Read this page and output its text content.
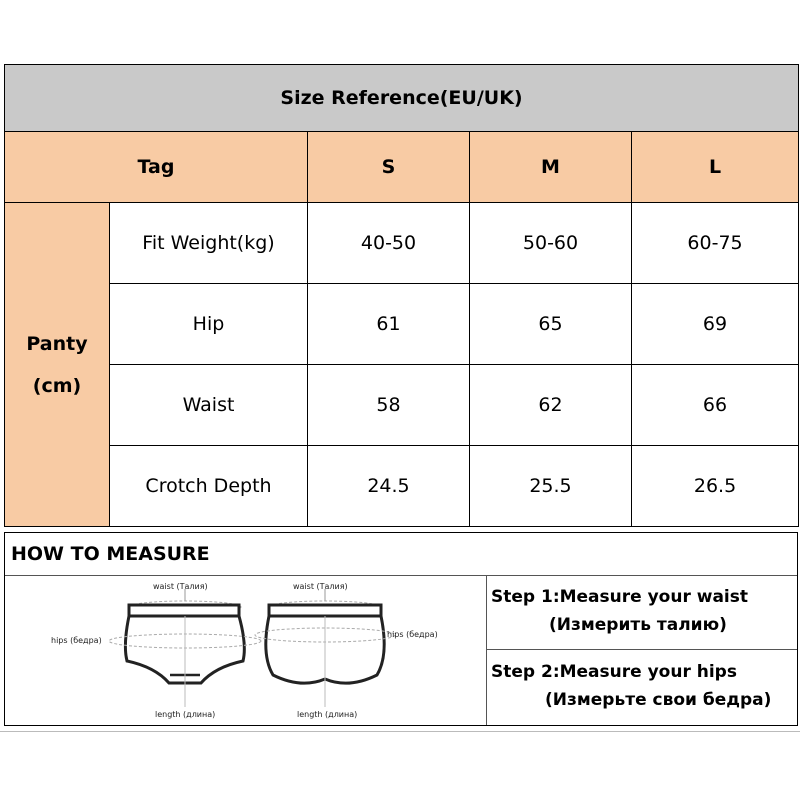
Size Reference(EU/UK)				
Tag		S	M	L

Panty
(cm)	Fit Weight(kg)	40-50	50-60	60-75
	Hip	61	65	69
	Waist	58	62	66
	Crotch Depth	24.5	25.5	26.5
HOW TO MEASURE
waist (Талия)
hips (бедра)
length (длина)
waist (Талия)
hips (бедра)
length (длина)
Step 1:Measure your waist
(Измерить талию)
Step 2:Measure your hips
(Измерьте свои бедра)
